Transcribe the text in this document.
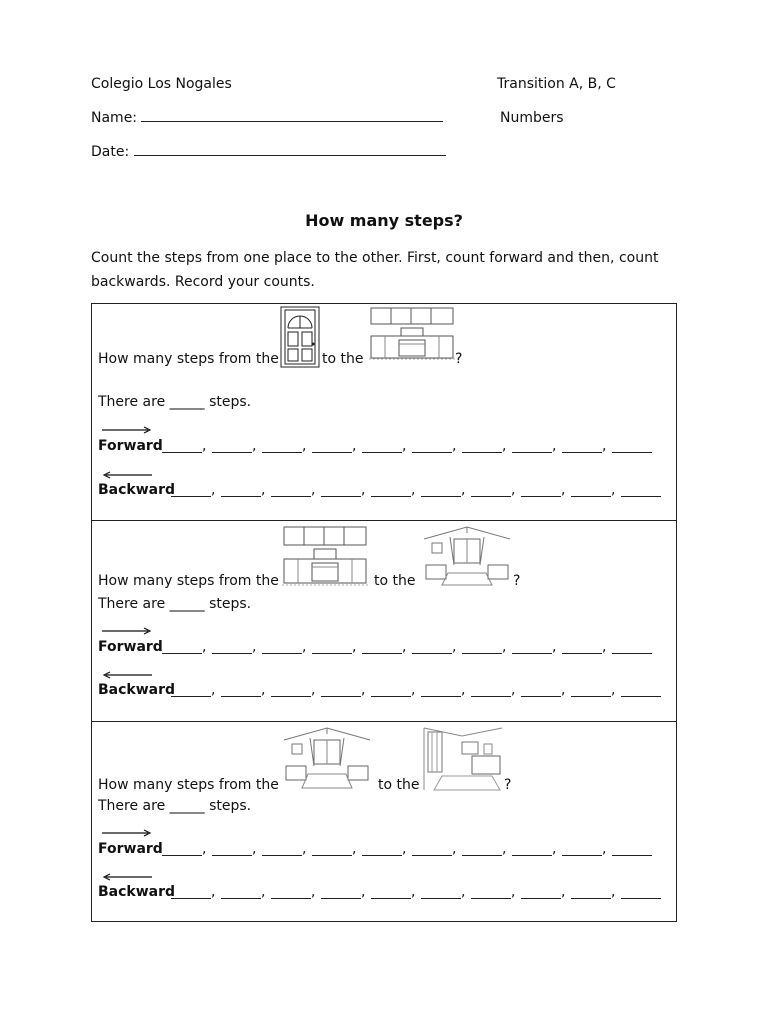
Colegio Los Nogales	Transition A, B, C
Name:	Numbers
Date:
How many steps?
Count the steps from one place to the other. First, count forward and then, count backwards. Record your counts.
How many steps from the	to the	?
There are _____ steps.
Forward	,	,	,	,	,	,	,	,	,
Backward	,	,	,	,	,	,	,	,	,
How many steps from the	to the	?
There are _____ steps.
Forward	,	,	,	,	,	,	,	,	,
Backward	,	,	,	,	,	,	,	,	,
How many steps from the	to the	?
There are _____ steps.
Forward	,	,	,	,	,	,	,	,	,
Backward	,	,	,	,	,	,	,	,	,
